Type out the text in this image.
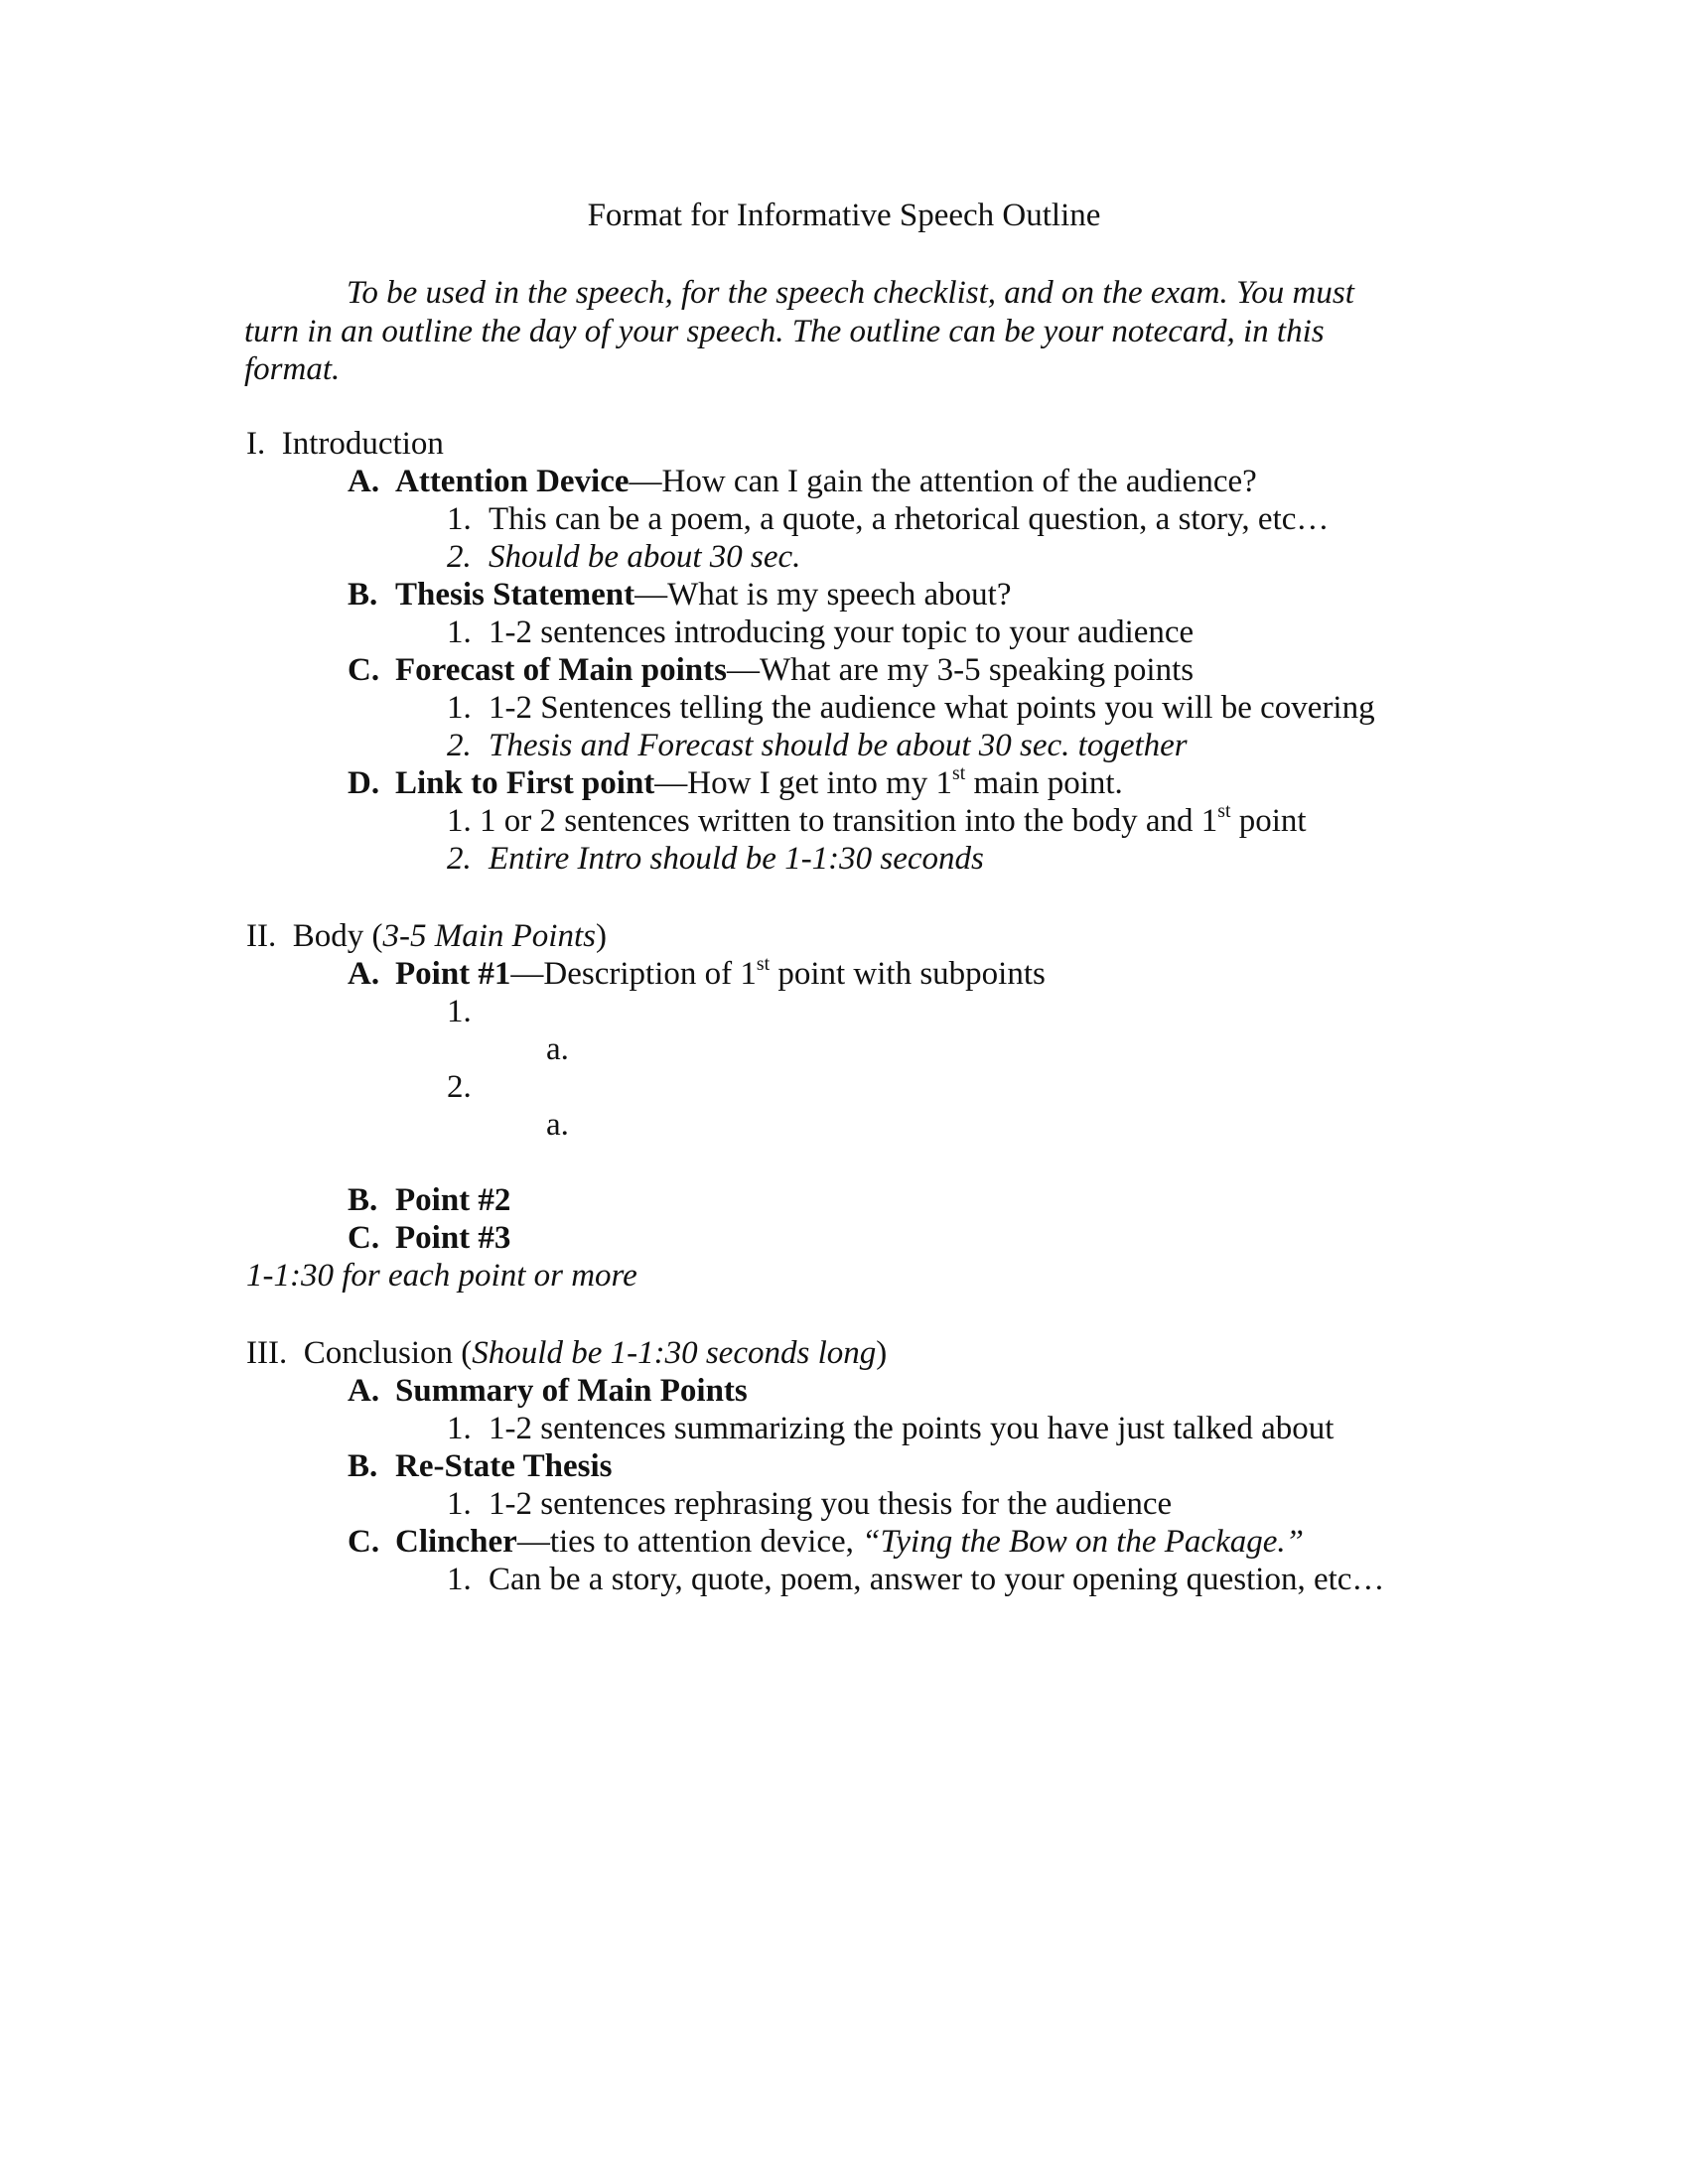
Format for Informative Speech Outline
To be used in the speech, for the speech checklist, and on the exam. You must turn in an outline the day of your speech. The outline can be your notecard, in this format.
I. Introduction
A. Attention Device—How can I gain the attention of the audience?
1. This can be a poem, a quote, a rhetorical question, a story, etc…
2. Should be about 30 sec.
B. Thesis Statement—What is my speech about?
1. 1-2 sentences introducing your topic to your audience
C. Forecast of Main points—What are my 3-5 speaking points
1. 1-2 Sentences telling the audience what points you will be covering
2. Thesis and Forecast should be about 30 sec. together
D. Link to First point—How I get into my 1st main point.
1. 1 or 2 sentences written to transition into the body and 1st point
2. Entire Intro should be 1-1:30 seconds
II. Body (3-5 Main Points)
A. Point #1—Description of 1st point with subpoints
1.
a.
2.
a.
B. Point #2
C. Point #3
1-1:30 for each point or more
III. Conclusion (Should be 1-1:30 seconds long)
A. Summary of Main Points
1. 1-2 sentences summarizing the points you have just talked about
B. Re-State Thesis
1. 1-2 sentences rephrasing you thesis for the audience
C. Clincher—ties to attention device, “Tying the Bow on the Package.”
1. Can be a story, quote, poem, answer to your opening question, etc…
